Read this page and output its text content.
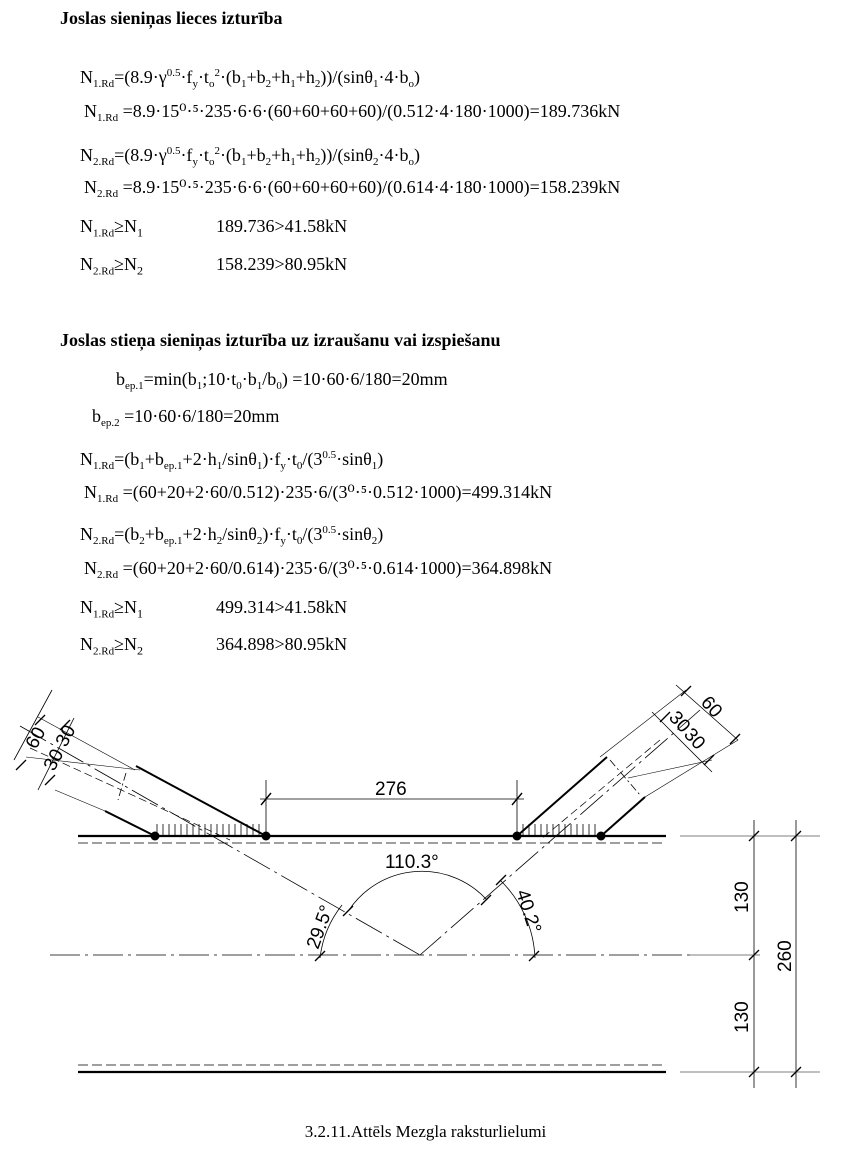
Joslas sieniņas lieces izturība
$N_{1.Rd}=(8.9\cdot\gamma^{0.5}\cdot f_y\cdot t_o^2\cdot(b_1+b_2+h_1+h_2))/(\sin\theta_1\cdot 4\cdot b_o)$
$N_{1.Rd} =8.9\cdot 15^0\cdot^5\cdot 235\cdot 6\cdot 6\cdot(60+60+60+60)/(0.512\cdot 4\cdot 180\cdot 1000)=189.736kN$
$N_{2.Rd}=(8.9\cdot\gamma^{0.5}\cdot f_y\cdot t_o^2\cdot(b_1+b_2+h_1+h_2))/(\sin\theta_2\cdot 4\cdot b_o)$
$N_{2.Rd} =8.9\cdot 15^0\cdot^5\cdot 235\cdot 6\cdot 6\cdot(60+60+60+60)/(0.614\cdot 4\cdot 180\cdot 1000)=158.239kN$
$N_{1.Rd}\ge N_1$	189.736>41.58kN
$N_{2.Rd}\ge N_2$	158.239>80.95kN
Joslas stieņa sieniņas izturība uz izraušanu vai izspiešanu
$b_{ep.1}=\min(b_1;10\cdot t_0\cdot b_1/b_0) =10\cdot 60\cdot 6/180=20mm$
$b_{ep.2} =10\cdot 60\cdot 6/180=20mm$
$N_{1.Rd}=(b_1+b_{ep.1}+2\cdot h_1/\sin\theta_1)\cdot f_y\cdot t_0/(3^{0.5}\cdot\sin\theta_1)$
$N_{1.Rd} =(60+20+2\cdot 60/0.512)\cdot 235\cdot 6/(3^0\cdot^5\cdot 0.512\cdot 1000)=499.314kN$
$N_{2.Rd}=(b_2+b_{ep.1}+2\cdot h_2/\sin\theta_2)\cdot f_y\cdot t_0/(3^{0.5}\cdot\sin\theta_2)$
$N_{2.Rd} =(60+20+2\cdot 60/0.614)\cdot 235\cdot 6/(3^0\cdot^5\cdot 0.614\cdot 1000)=364.898kN$
$N_{1.Rd}\ge N_1$	499.314>41.58kN
$N_{2.Rd}\ge N_2$	364.898>80.95kN
276
110.3°
29.5°	40.2°
60
30
30
60
30
30
130
130
260
3.2.11.Attēls Mezgla raksturlielumi
